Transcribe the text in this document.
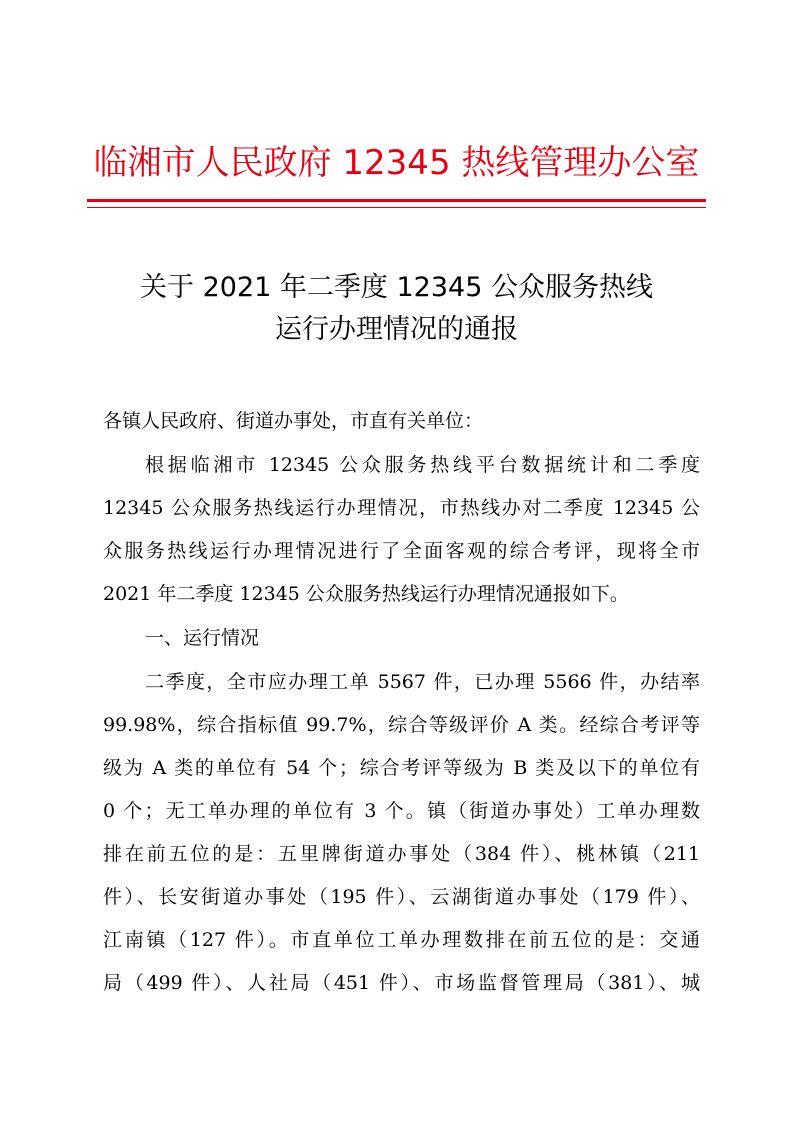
临湘市人民政府 12345 热线管理办公室
关于 2021 年二季度 12345 公众服务热线
运行办理情况的通报
各镇人民政府、街道办事处，市直有关单位：
根据临湘市 12345 公众服务热线平台数据统计和二季度
12345 公众服务热线运行办理情况，市热线办对二季度 12345 公
众服务热线运行办理情况进行了全面客观的综合考评，现将全市
2021 年二季度 12345 公众服务热线运行办理情况通报如下。
一、运行情况
二季度，全市应办理工单 5567 件，已办理 5566 件，办结率
99.98%，综合指标值 99.7%，综合等级评价 A 类。经综合考评等
级为 A 类的单位有 54 个；综合考评等级为 B 类及以下的单位有
0 个；无工单办理的单位有 3 个。镇（街道办事处）工单办理数
排在前五位的是：五里牌街道办事处（384 件）、桃林镇（211
件）、长安街道办事处（195 件）、云湖街道办事处（179 件）、
江南镇（127 件）。市直单位工单办理数排在前五位的是：交通
局（499 件）、人社局（451 件）、市场监督管理局（381）、城
